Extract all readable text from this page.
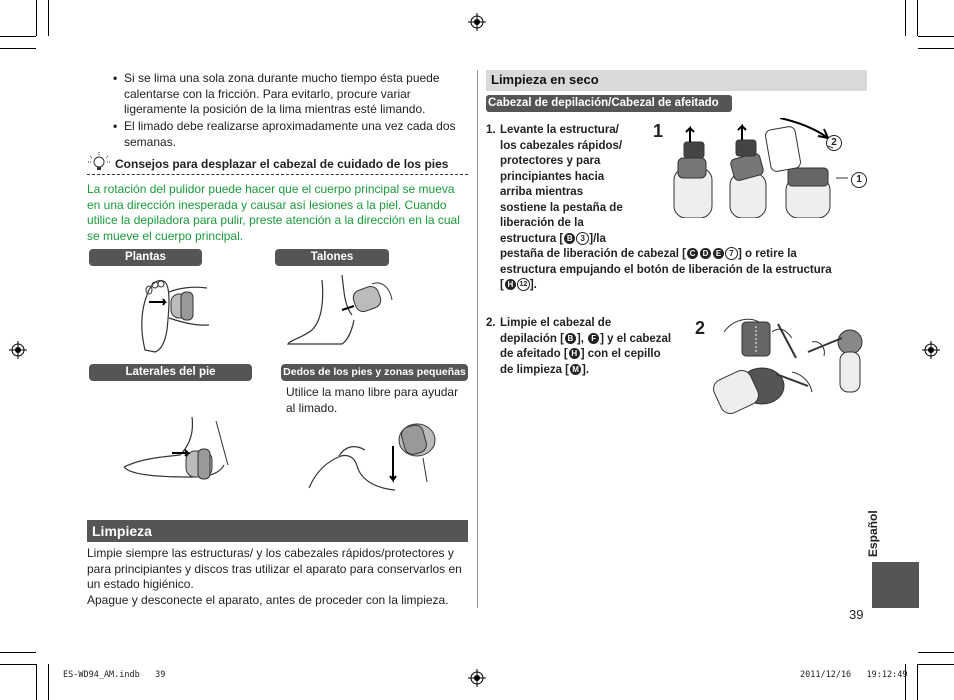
• Si se lima una sola zona durante mucho tiempo ésta puede calentarse con la fricción. Para evitarlo, procure variar ligeramente la posición de la lima mientras esté limando.
• El limado debe realizarse aproximadamente una vez cada dos semanas.
Consejos para desplazar el cabezal de cuidado de los pies
La rotación del pulidor puede hacer que el cuerpo principal se mueva en una dirección inesperada y causar así lesiones a la piel. Cuando utilice la depiladora para pulir, preste atención a la dirección en la cual se mueve el cuerpo principal.
Plantas	Talones
Laterales del pie	Dedos de los pies y zonas pequeñas
Utilice la mano libre para ayudar al limado.
Limpieza
Limpie siempre las estructuras/ y los cabezales rápidos/protectores y para principiantes y discos tras utilizar el aparato para conservarlos en un estado higiénico.
Apague y desconecte el aparato, antes de proceder con la limpieza.
Limpieza en seco
Cabezal de depilación/Cabezal de afeitado
1. Levante la estructura/
los cabezales rápidos/
protectores y para
principiantes hacia
arriba mientras
sostiene la pestaña de
liberación de la
estructura [ B 3 ]/la
pestaña de liberación de cabezal [ C D E 7 ] o retire la
estructura empujando el botón de liberación de la estructura
[ H 12 ].
1
2
1
2. Limpie el cabezal de
depilación [ B ], F ] y el cabezal
de afeitado [ H ] con el cepillo
de limpieza [ M ].
2
Español
39
ES-WD94_AM.indb   39	2011/12/16   19:12:49
